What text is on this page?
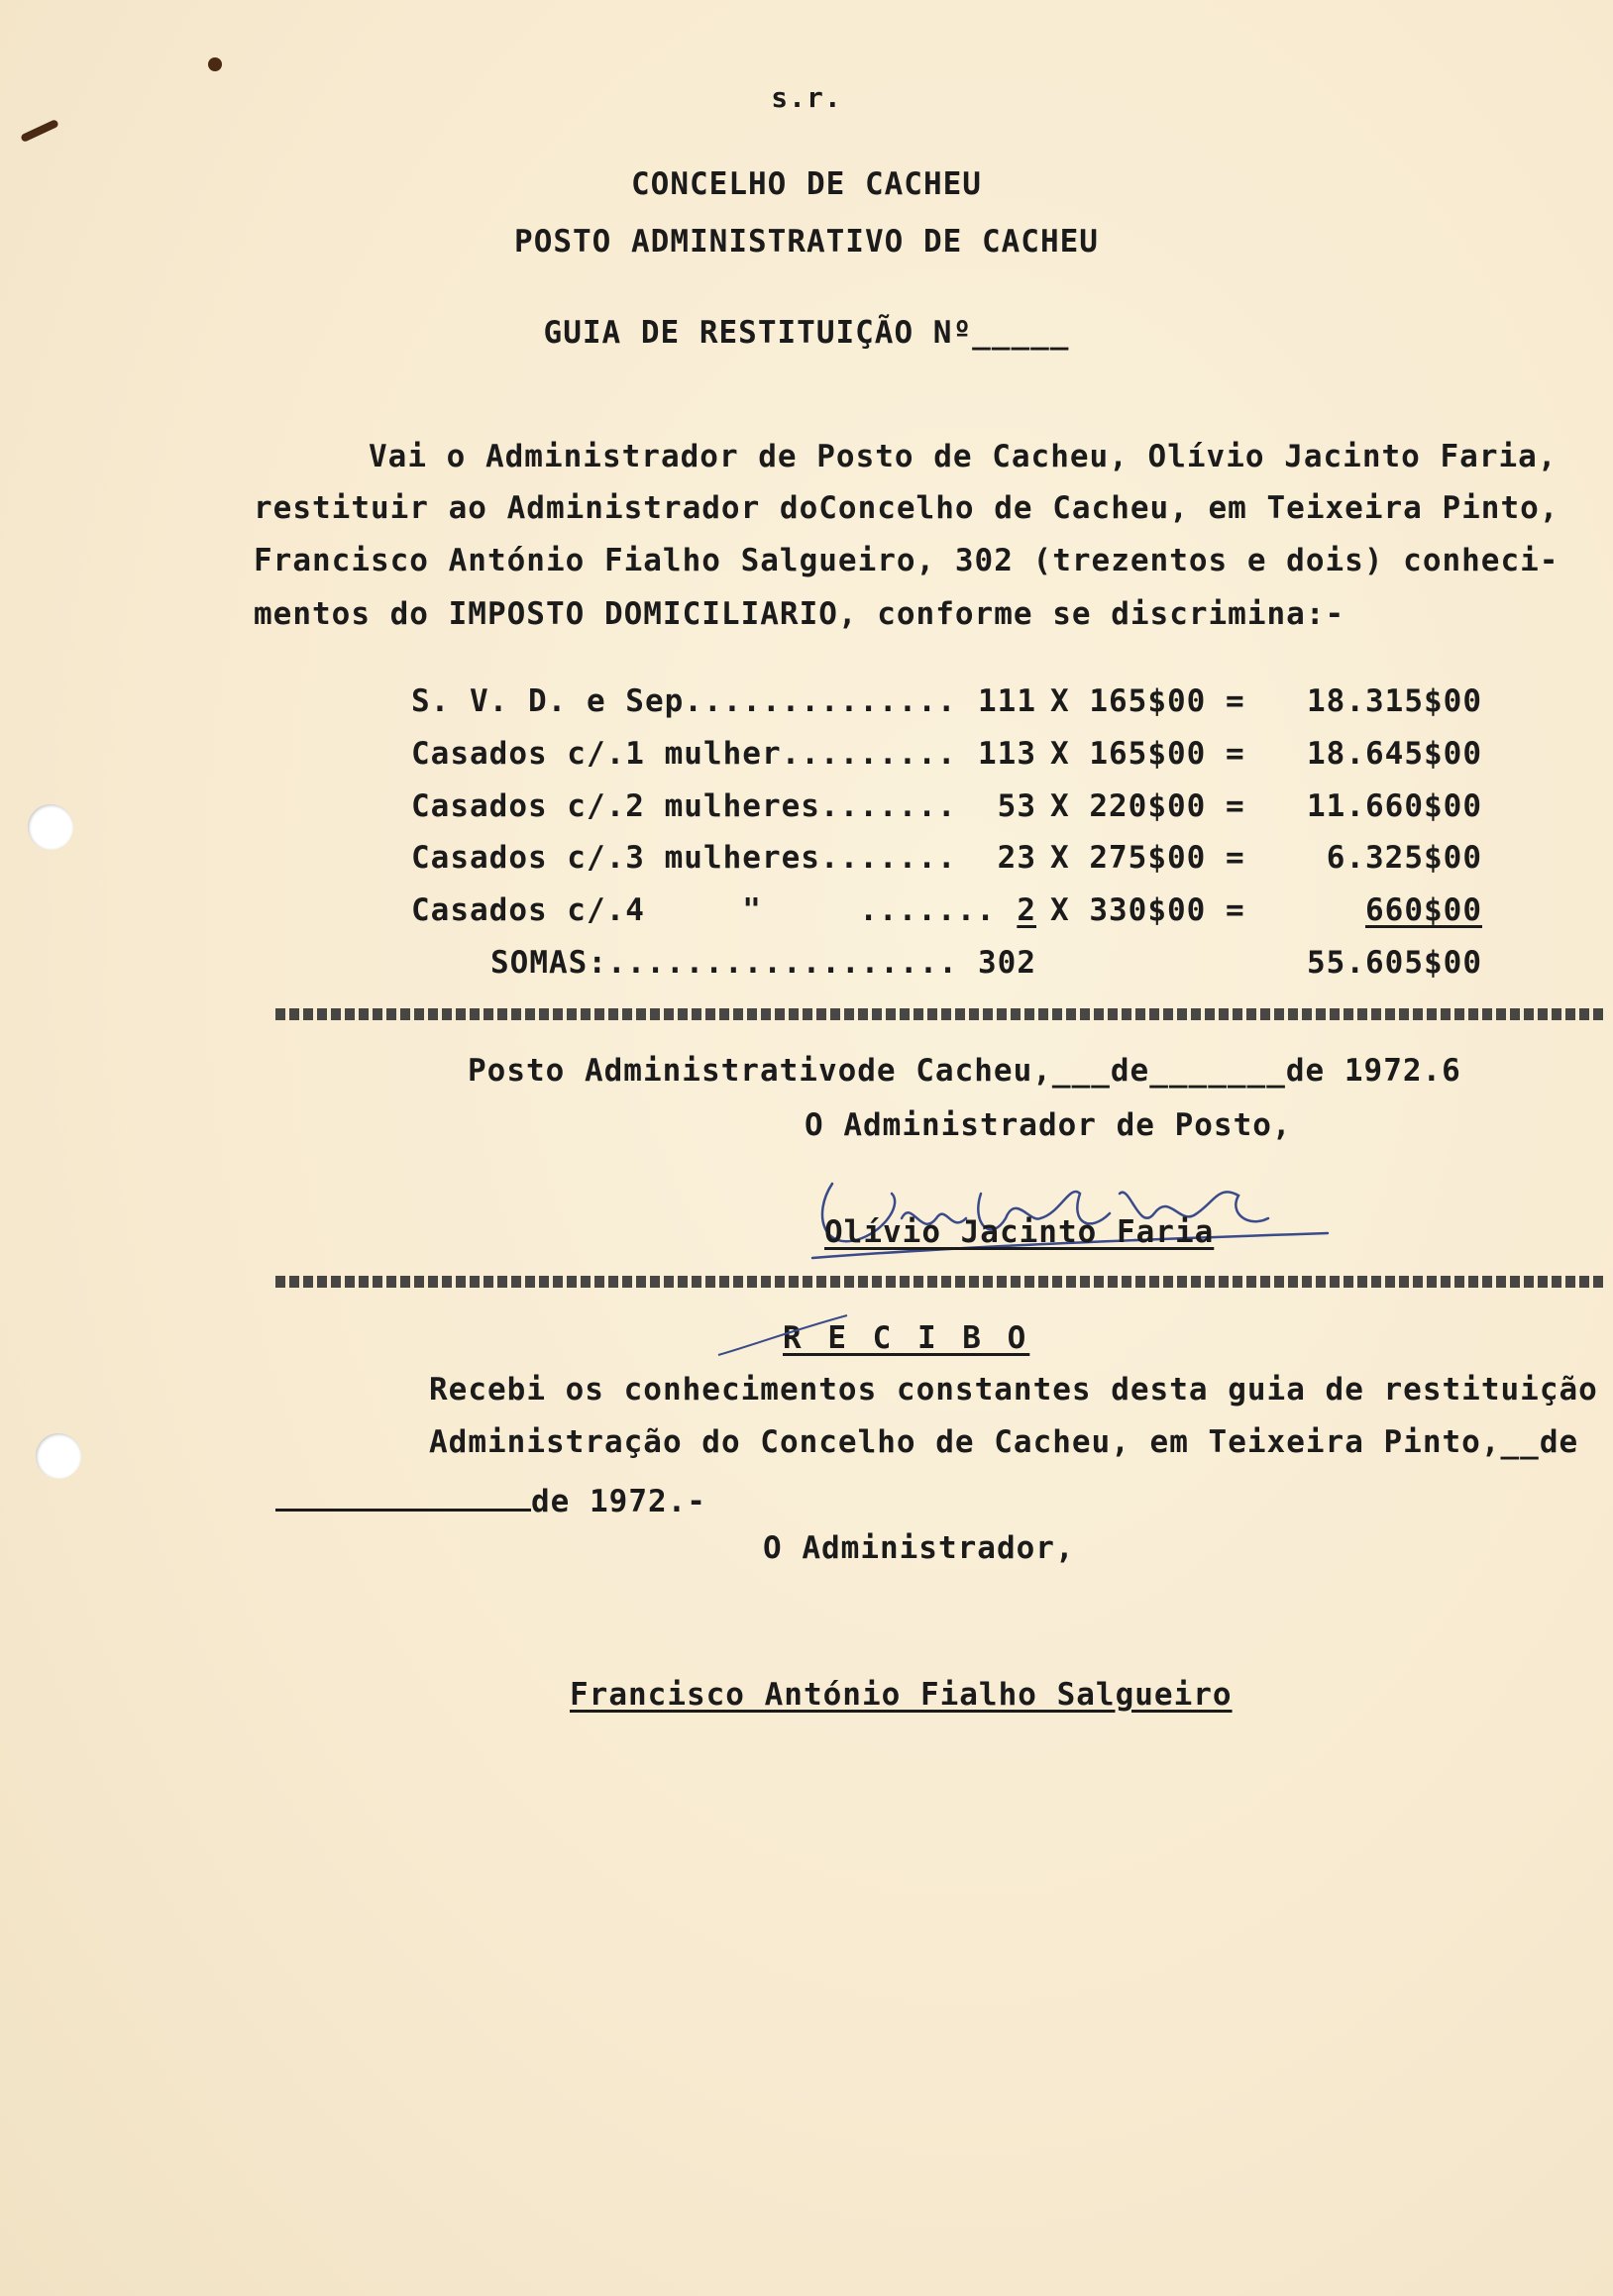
s.r.
CONCELHO DE CACHEU
POSTO ADMINISTRATIVO DE CACHEU
GUIA DE RESTITUIÇÃO Nº_____
Vai o Administrador de Posto de Cacheu, Olívio Jacinto Faria,
restituir ao Administrador doConcelho de Cacheu, em Teixeira Pinto,
Francisco António Fialho Salgueiro, 302 (trezentos e dois) conheci-
mentos do IMPOSTO DOMICILIARIO, conforme se discrimina:-
S. V. D. e Sep.............. 111 X 165$00 =	18.315$00
Casados c/.1 mulher......... 113 X 165$00 =	18.645$00
Casados c/.2 mulheres.......	53 X 220$00 =	11.660$00
Casados c/.3 mulheres.......	23 X 275$00 =	6.325$00
Casados c/.4     "     ....... 2 X 330$00 =	660$00
SOMAS:.................. 302	55.605$00
Posto Administrativode Cacheu,___de_______de 1972.6
O Administrador de Posto,
Olívio Jacinto Faria
R E C I B O
Recebi os conhecimentos constantes desta guia de restituição
Administração do Concelho de Cacheu, em Teixeira Pinto,__de
de 1972.-
O Administrador,
Francisco António Fialho Salgueiro
